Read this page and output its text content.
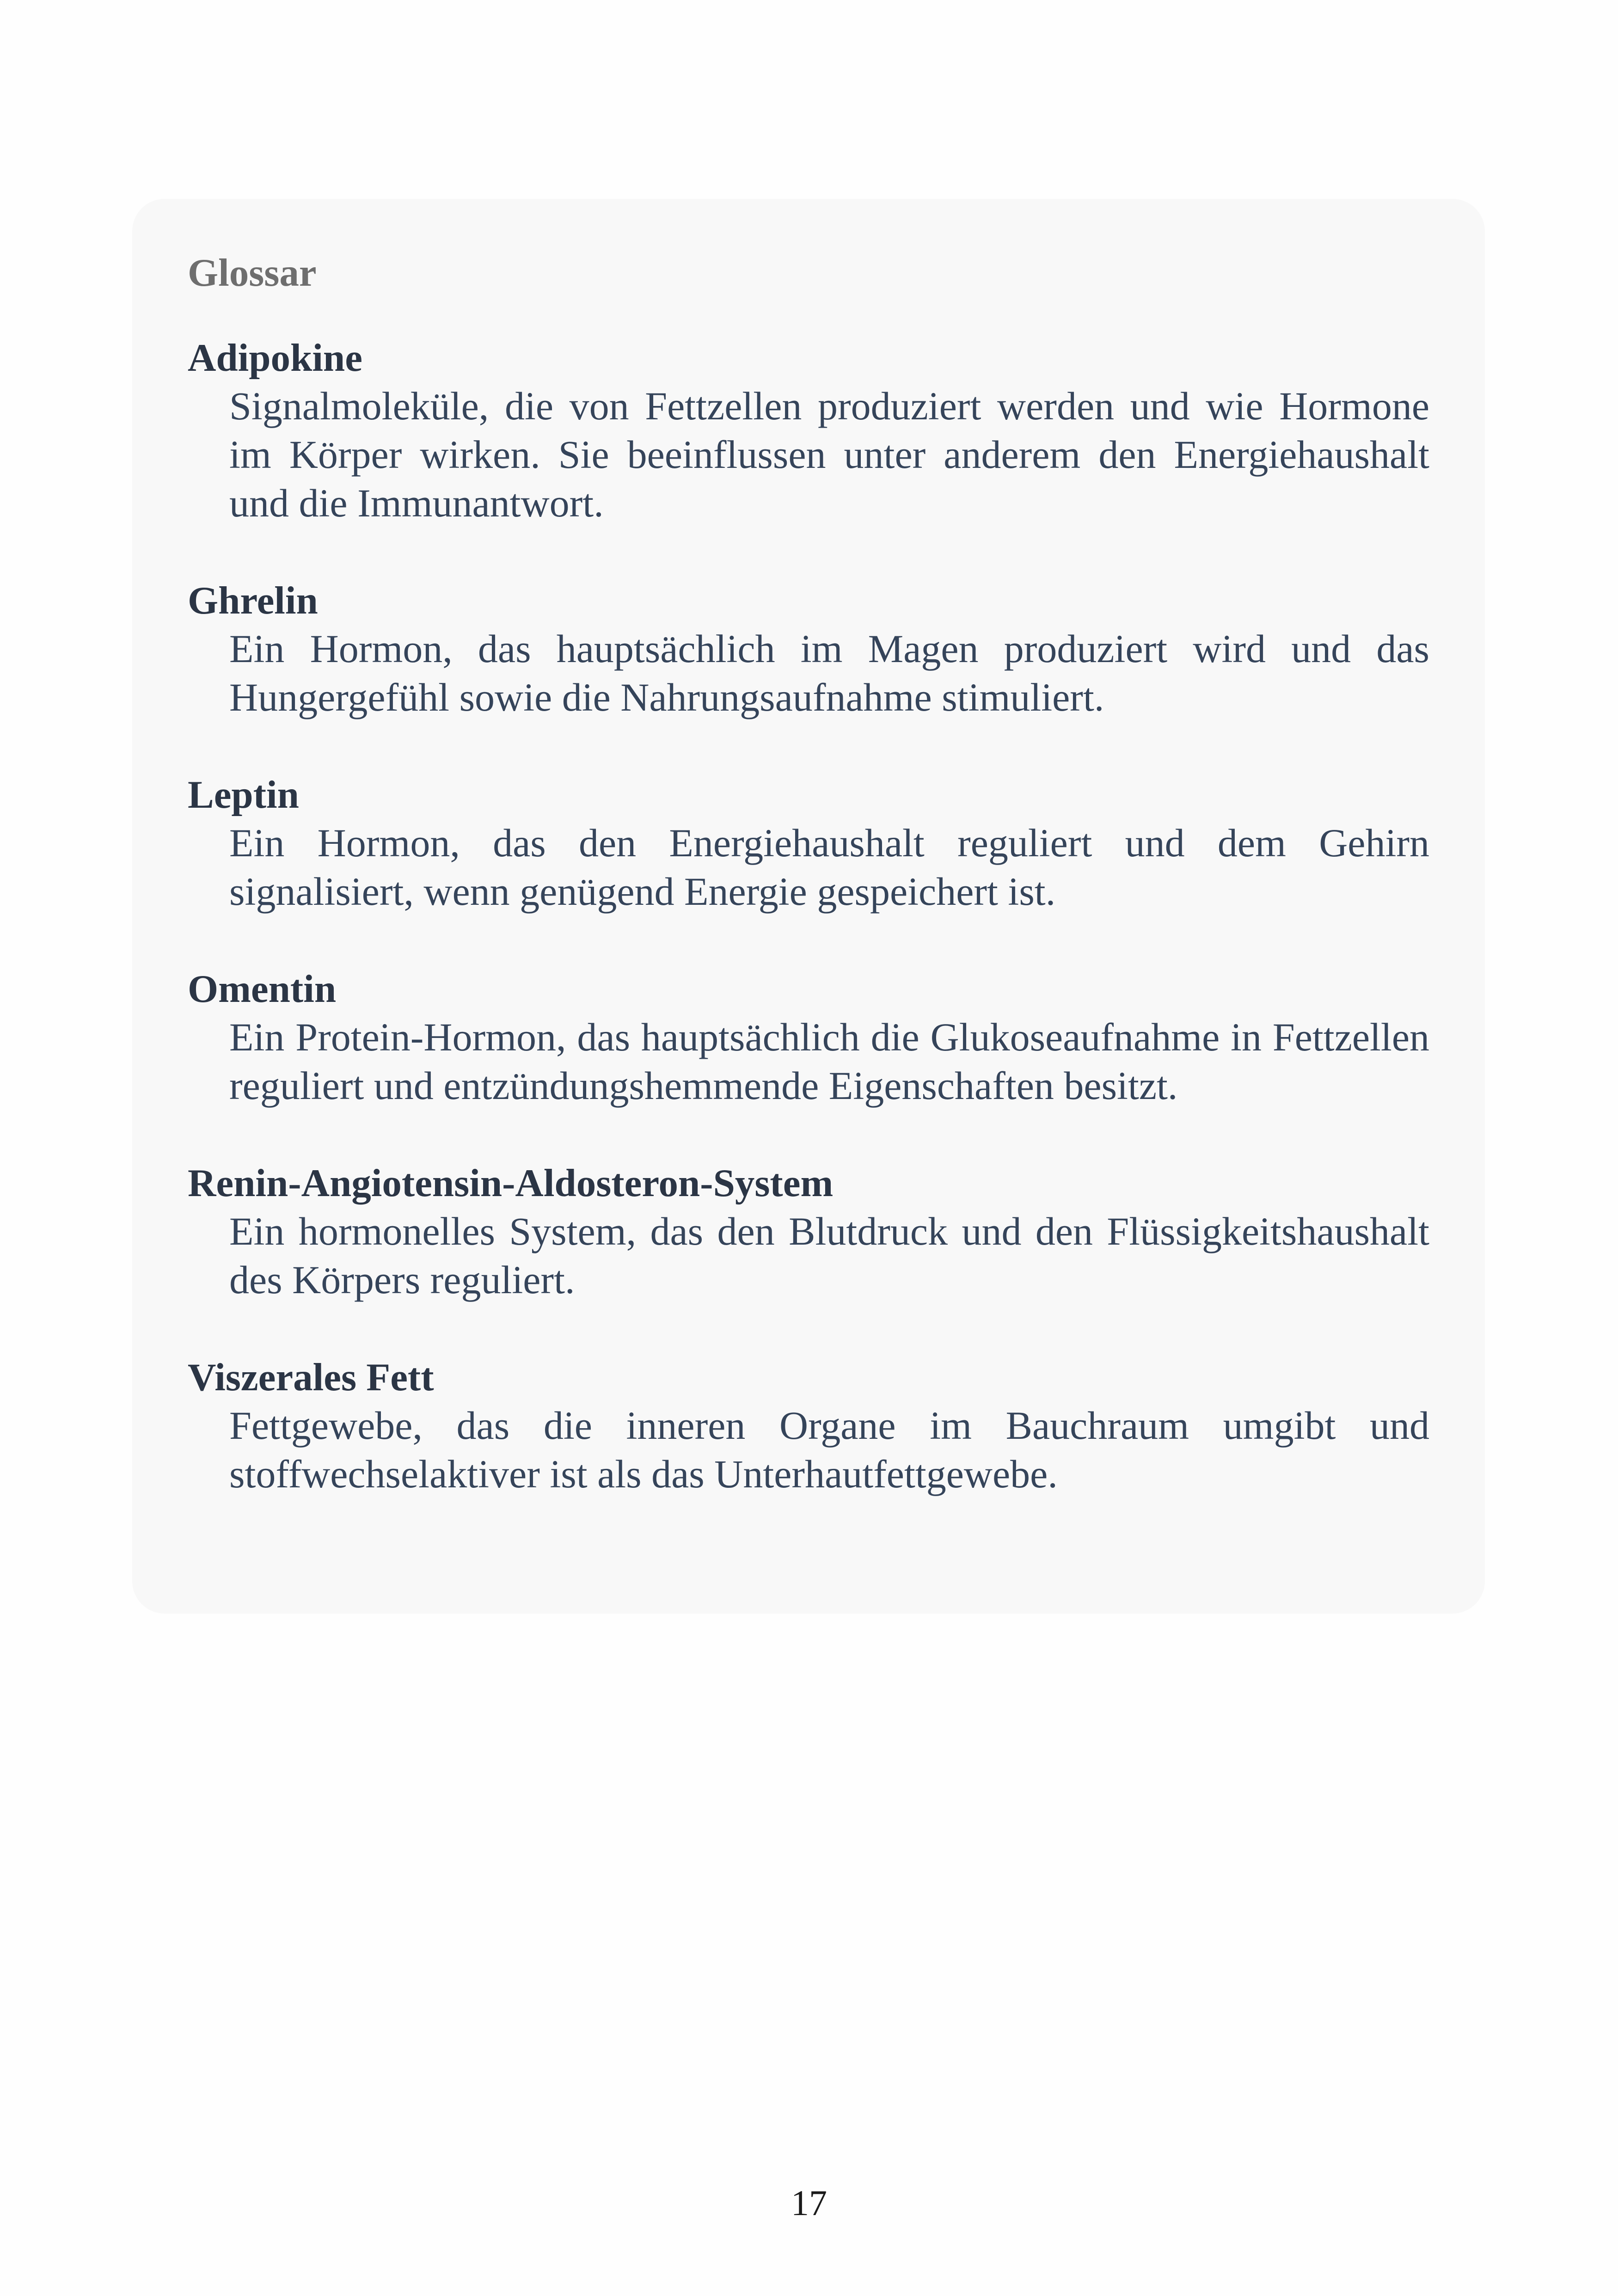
Glossar

Adipokine

Signalmoleküle, die von Fettzellen produziert werden und wie Hormone im Körper wirken. Sie beeinflussen unter anderem den Energiehaushalt und die Immunantwort.

Ghrelin

Ein Hormon, das hauptsächlich im Magen produziert wird und das Hungergefühl sowie die Nahrungsaufnahme stimuliert.

Leptin

Ein Hormon, das den Energiehaushalt reguliert und dem Gehirn signalisiert, wenn genügend Energie gespeichert ist.

Omentin

Ein Protein-Hormon, das hauptsächlich die Glukoseaufnahme in Fettzellen reguliert und entzündungshemmende Eigenschaften besitzt.

Renin-Angiotensin-Aldosteron-System

Ein hormonelles System, das den Blutdruck und den Flüssigkeitshaushalt des Körpers reguliert.

Viszerales Fett

Fettgewebe, das die inneren Organe im Bauchraum umgibt und stoffwechselaktiver ist als das Unterhautfettgewebe.

17
